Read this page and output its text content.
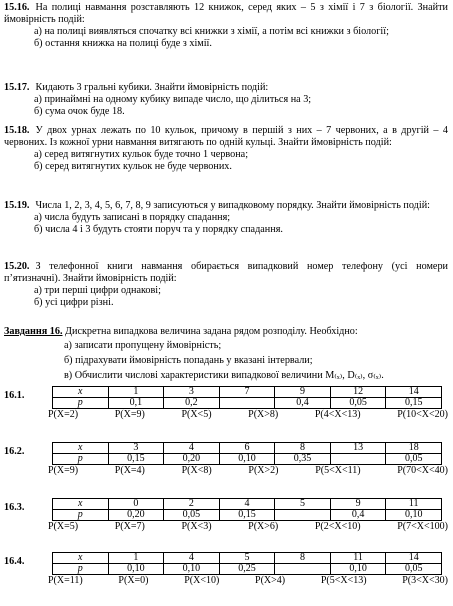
15.16. На полиці навмання розставляють 12 книжок, серед яких – 5 з хімії і 7 з біології. Знайти ймовірність подій:
а) на полиці виявляться спочатку всі книжки з хімії, а потім всі книжки з біології;
б) остання книжка на полиці буде з хімії.
15.17. Кидають 3 гральні кубики. Знайти ймовірність подій:
а) принаймні на одному кубику випаде число, що ділиться на 3;
б) сума очок буде 18.
15.18. У двох урнах лежать по 10 кульок, причому в першій з них – 7 червоних, а в другій – 4 червоних. Із кожної урни навмання витягають по одній кульці. Знайти ймовірність подій:
а) серед витягнутих кульок буде точно 1 червона;
б) серед витягнутих кульок не буде червоних.
15.19. Числа 1, 2, 3, 4, 5, 6, 7, 8, 9 записуються у випадковому порядку. Знайти ймовірність подій:
а) числа будуть записані в порядку спадання;
б) числа 4 і 3 будуть стояти поруч та у порядку спадання.
15.20. З телефонної книги навмання обирається випадковий номер телефону (усі номери п’ятизначні). Знайти ймовірність подій:
а) три перші цифри однакові;
б) усі цифри різні.
Завдання 16. Дискретна випадкова величина задана рядом розподілу. Необхідно:
а) записати пропущену ймовірність;
б) підрахувати ймовірність попадань у вказані інтервали;
в) Обчислити числові характеристики випадкової величини M₍ₓ₎, D₍ₓ₎, σ₍ₓ₎.
16.1.	x	1	3	7	9	12	14
p	0,1	0,2		0,4	0,05	0,15
P(X=2)	P(X=9)	P(X<5)	P(X>8)	P(4<X<13)	P(10<X<20)
16.2.	x	3	4	6	8	13	18
p	0,15	0,20	0,10	0,35		0,05
P(X=9)	P(X=4)	P(X<8)	P(X>2)	P(5<X<11)	P(70<X<40)
16.3.	x	0	2	4	5	9	11
p	0,20	0,05	0,15		0,4	0,10
P(X=5)	P(X=7)	P(X<3)	P(X>6)	P(2<X<10)	P(7<X<100)
16.4.	x	1	4	5	8	11	14
p	0,10	0,10	0,25		0,10	0,05
P(X=11)	P(X=0)	P(X<10)	P(X>4)	P(5<X<13)	P(3<X<30)
